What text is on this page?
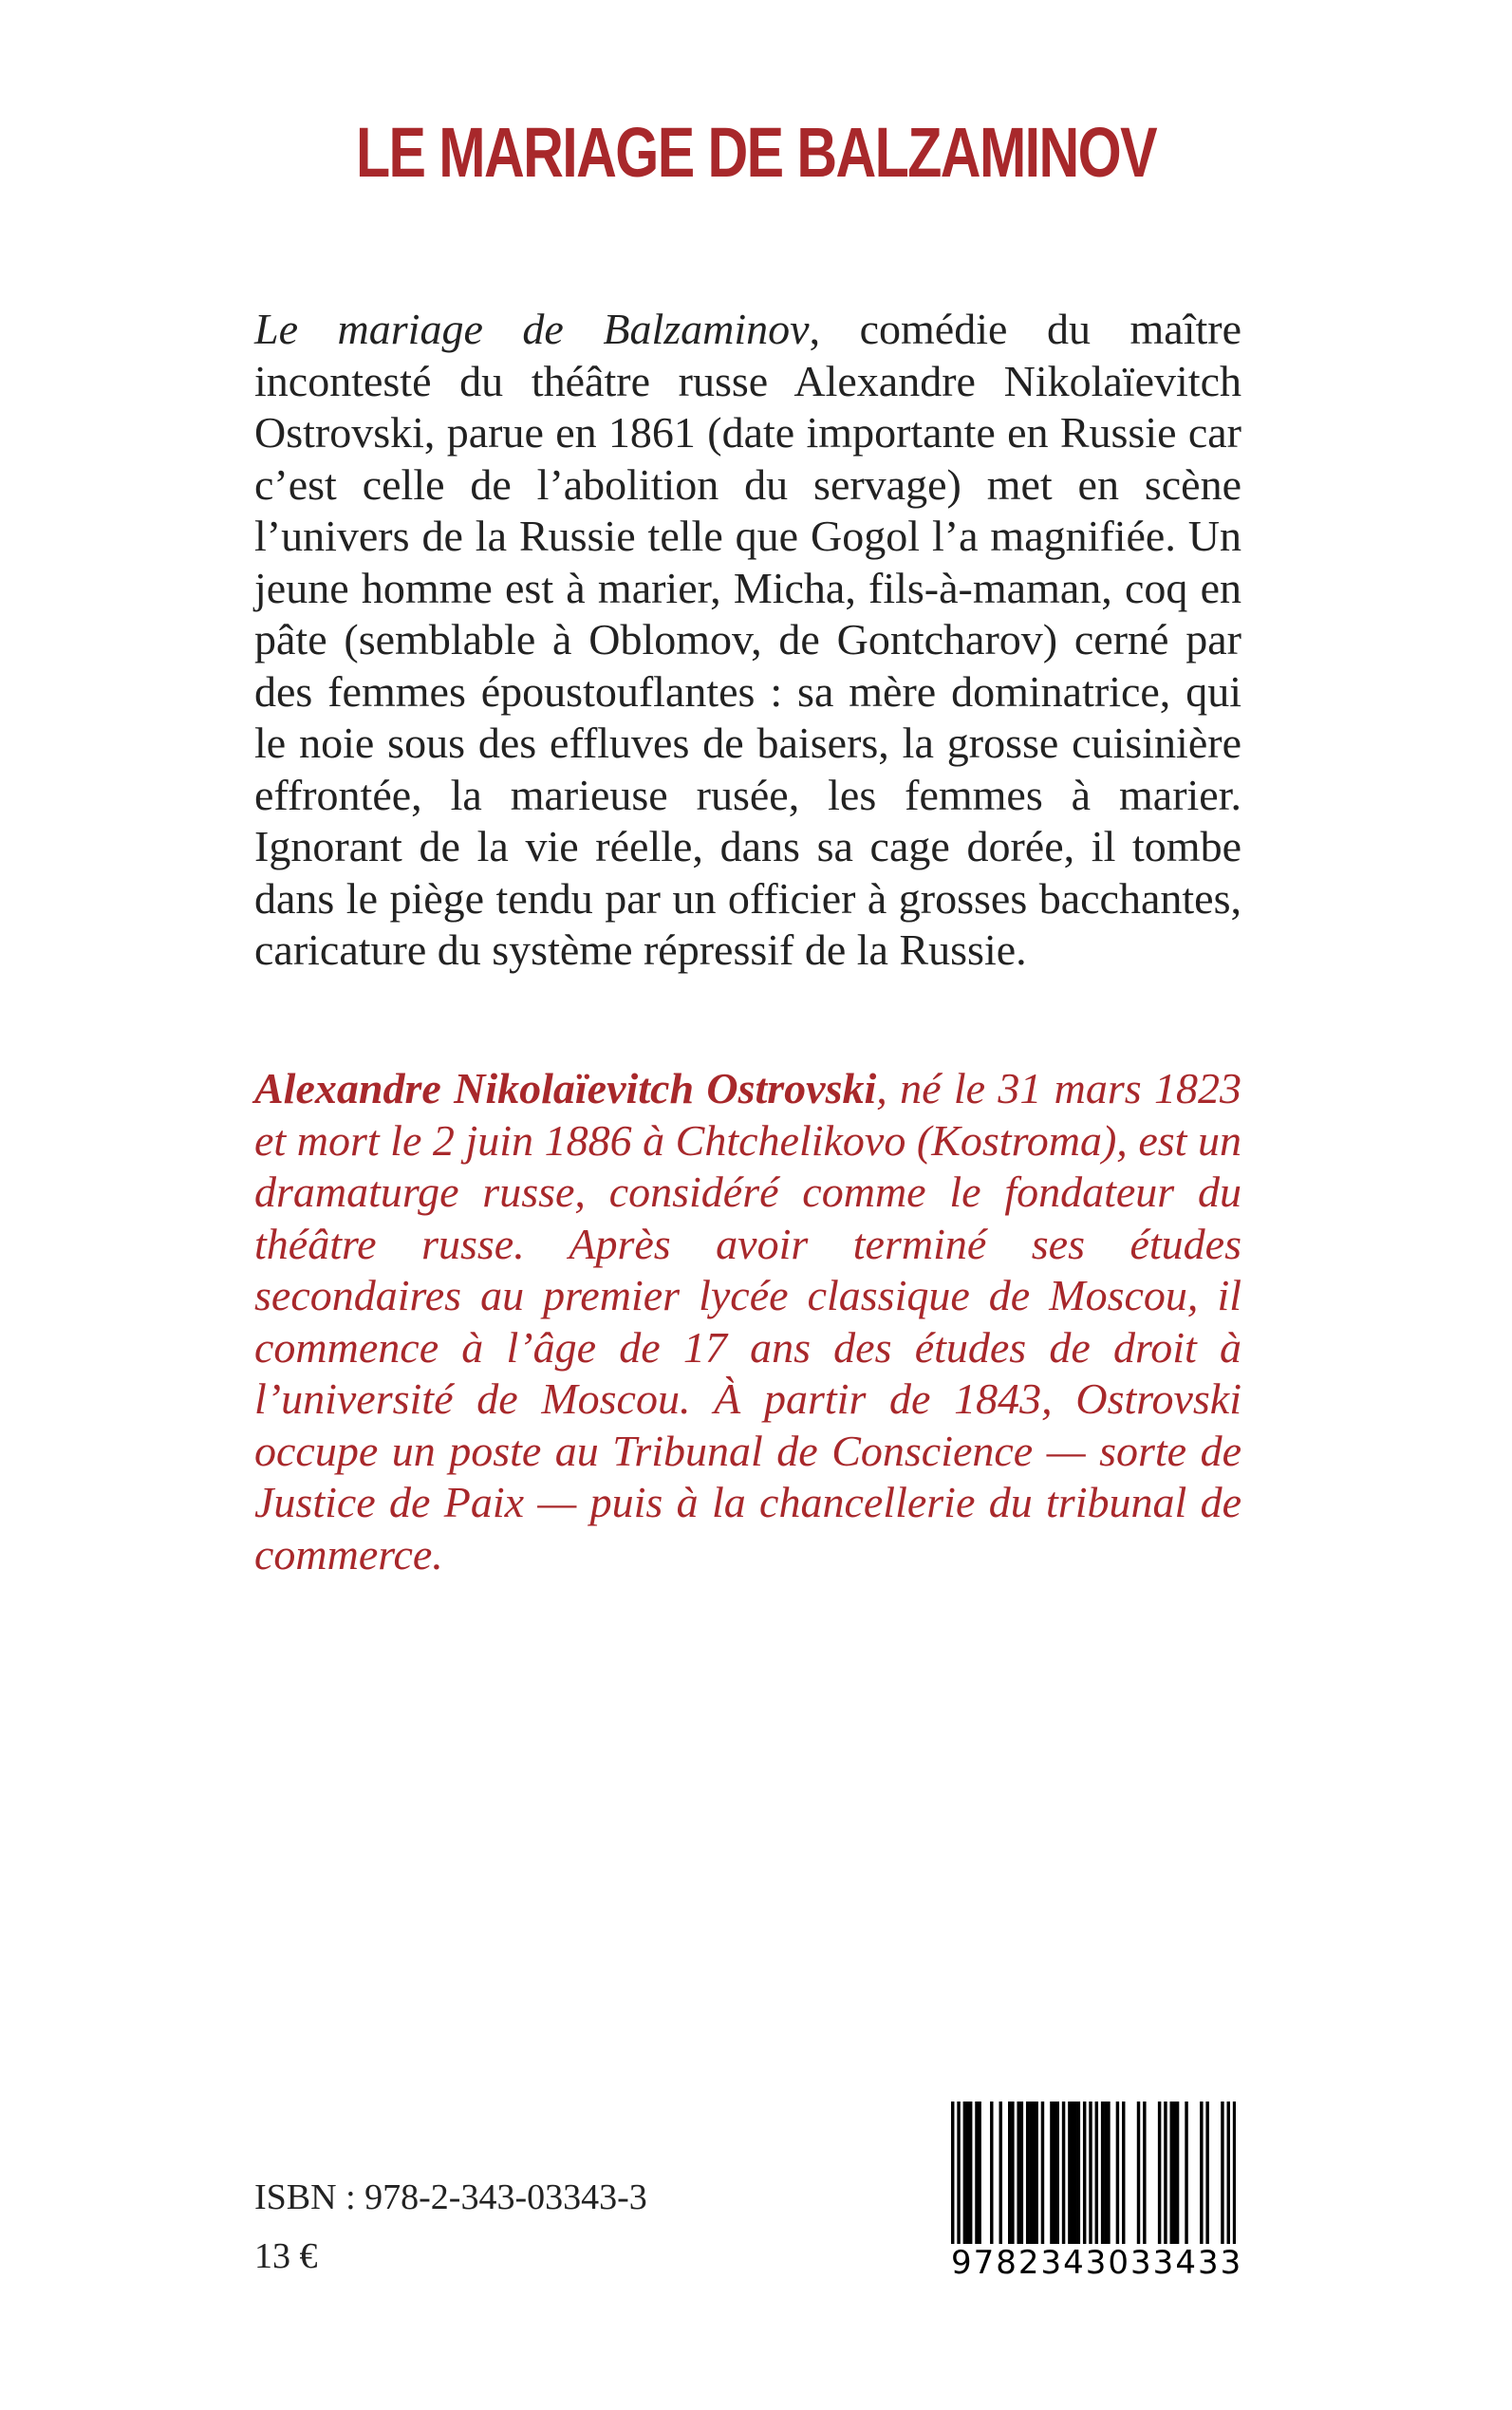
LE MARIAGE DE BALZAMINOV

Le mariage de Balzaminov, comédie du maître incontesté du théâtre russe Alexandre Nikolaïevitch Ostrovski, parue en 1861 (date importante en Russie car c’est celle de l’abolition du servage) met en scène l’univers de la Russie telle que Gogol l’a magnifiée. Un jeune homme est à marier, Micha, fils-à-maman, coq en pâte (semblable à Oblomov, de Gontcharov) cerné par des femmes époustouflantes : sa mère dominatrice, qui le noie sous des effluves de baisers, la grosse cuisinière effrontée, la marieuse rusée, les femmes à marier. Ignorant de la vie réelle, dans sa cage dorée, il tombe dans le piège tendu par un officier à grosses bacchantes, caricature du système répressif de la Russie.

Alexandre Nikolaïevitch Ostrovski, né le 31 mars 1823 et mort le 2 juin 1886 à Chtchelikovo (Kostroma), est un dramaturge russe, considéré comme le fondateur du théâtre russe. Après avoir terminé ses études secondaires au premier lycée classique de Moscou, il commence à l’âge de 17 ans des études de droit à l’université de Moscou. À partir de 1843, Ostrovski occupe un poste au Tribunal de Conscience — sorte de Justice de Paix — puis à la chancellerie du tribunal de commerce.

ISBN : 978-2-343-03343-3
13 €	9782343033433
